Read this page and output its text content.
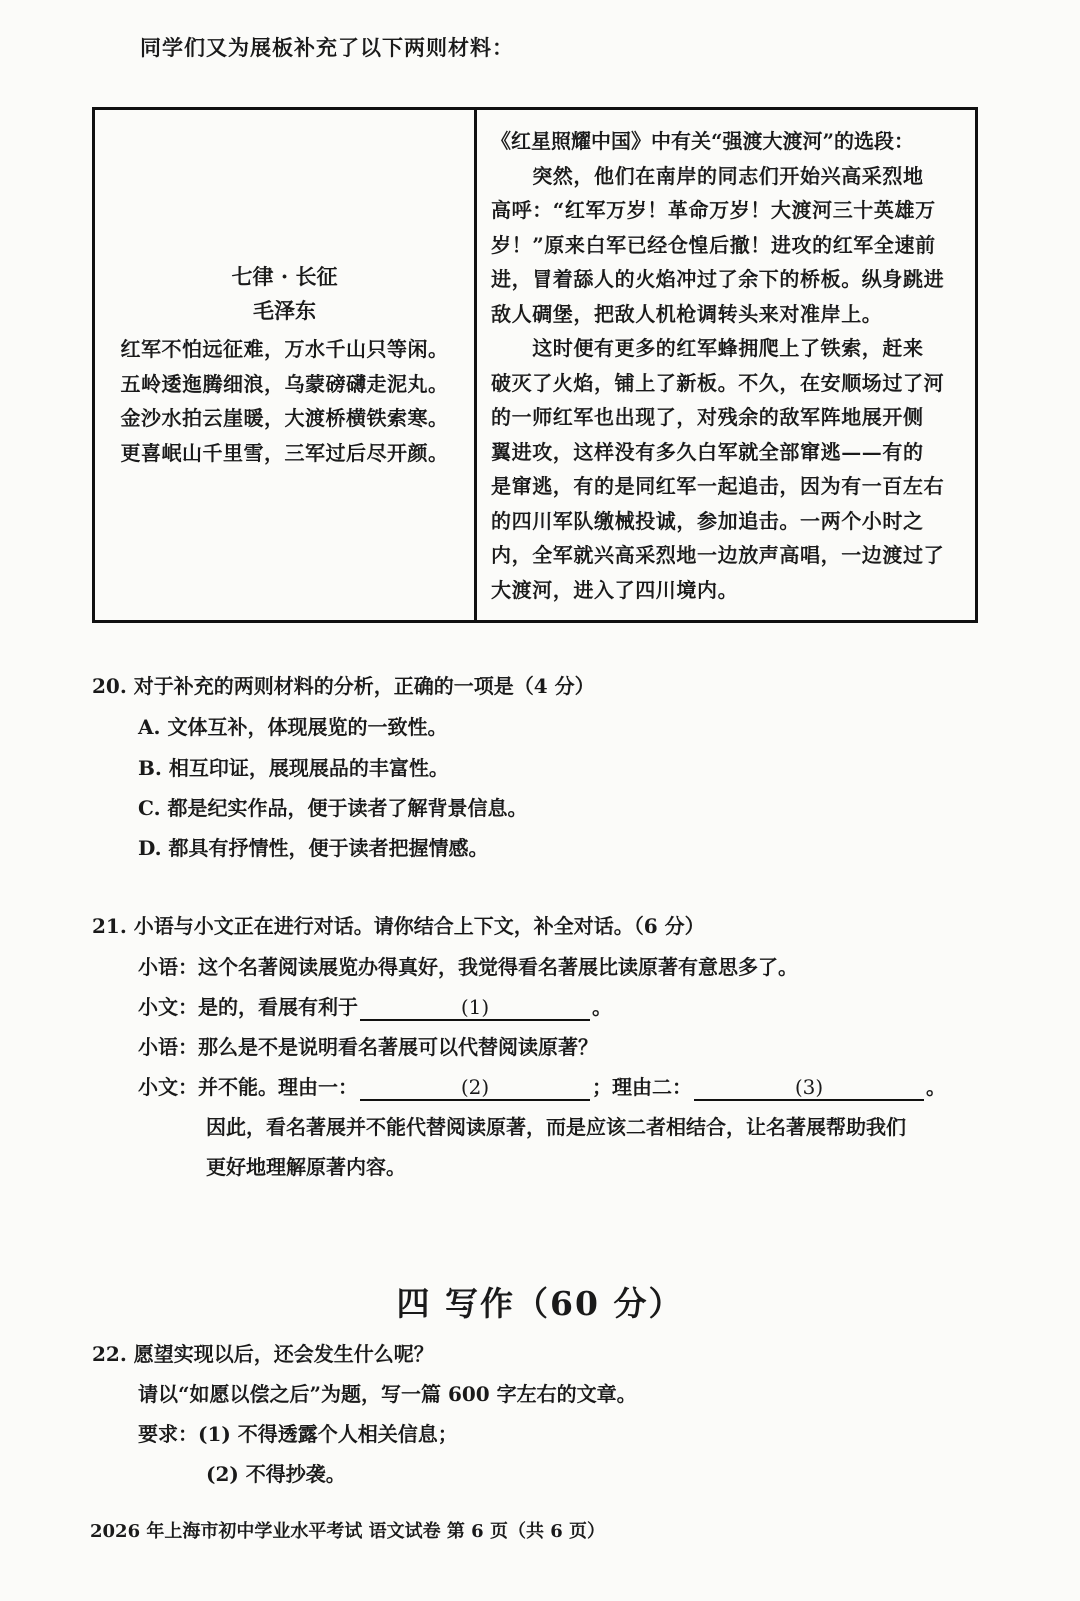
同学们又为展板补充了以下两则材料：
七律 · 长征
毛泽东
红军不怕远征难，万水千山只等闲。
五岭逶迤腾细浪，乌蒙磅礴走泥丸。
金沙水拍云崖暖，大渡桥横铁索寒。
更喜岷山千里雪，三军过后尽开颜。
《红星照耀中国》中有关“强渡大渡河”的选段：
　　突然，他们在南岸的同志们开始兴高采烈地
高呼：“红军万岁！革命万岁！大渡河三十英雄万
岁！”原来白军已经仓惶后撤！进攻的红军全速前
进，冒着舔人的火焰冲过了余下的桥板。纵身跳进
敌人碉堡，把敌人机枪调转头来对准岸上。
　　这时便有更多的红军蜂拥爬上了铁索，赶来
破灭了火焰，铺上了新板。不久，在安顺场过了河
的一师红军也出现了，对残余的敌军阵地展开侧
翼进攻，这样没有多久白军就全部窜逃——有的
是窜逃，有的是同红军一起追击，因为有一百左右
的四川军队缴械投诚，参加追击。一两个小时之
内，全军就兴高采烈地一边放声高唱，一边渡过了
大渡河，进入了四川境内。
20. 对于补充的两则材料的分析，正确的一项是（4 分）
A. 文体互补，体现展览的一致性。
B. 相互印证，展现展品的丰富性。
C. 都是纪实作品，便于读者了解背景信息。
D. 都具有抒情性，便于读者把握情感。
21. 小语与小文正在进行对话。请你结合上下文，补全对话。（6 分）
小语：这个名著阅读展览办得真好，我觉得看名著展比读原著有意思多了。
小文：是的，看展有利于	(1)	。
小语：那么是不是说明看名著展可以代替阅读原著？
小文：并不能。理由一：	(2)	；理由二：	(3)	。
因此，看名著展并不能代替阅读原著，而是应该二者相结合，让名著展帮助我们
更好地理解原著内容。
四 写作（60 分）
22. 愿望实现以后，还会发生什么呢？
请以“如愿以偿之后”为题，写一篇 600 字左右的文章。
要求：(1) 不得透露个人相关信息；
(2) 不得抄袭。
2026 年上海市初中学业水平考试 语文试卷 第 6 页（共 6 页）
